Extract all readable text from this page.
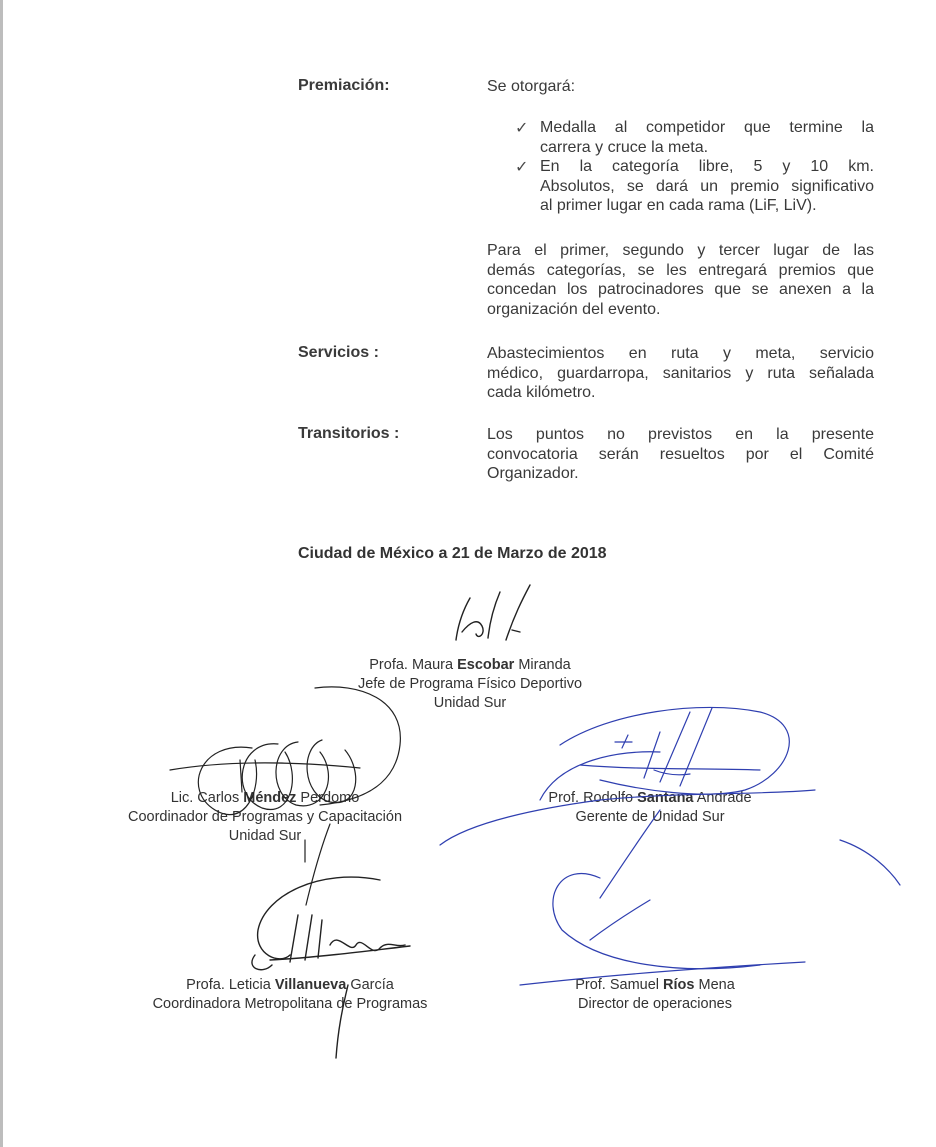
Premiación:	Se otorgará:
✓ Medalla al competidor que termine la
carrera y cruce la meta.
✓ En la categoría libre, 5 y 10 km.
Absolutos, se dará un premio significativo
al primer lugar en cada rama (LiF, LiV).
Para el primer, segundo y tercer lugar de las
demás categorías, se les entregará premios que
concedan los patrocinadores que se anexen a la
organización del evento.
Servicios :	Abastecimientos en ruta y meta, servicio
médico, guardarropa, sanitarios y ruta señalada
cada kilómetro.
Transitorios :	Los puntos no previstos en la presente
convocatoria serán resueltos por el Comité
Organizador.
Ciudad de México a 21 de Marzo de 2018
Profa. Maura Escobar Miranda
Jefe de Programa Físico Deportivo
Unidad Sur
Lic. Carlos Méndez Perdomo
Coordinador de Programas y Capacitación
Unidad Sur
Prof. Rodolfo Santana Andrade
Gerente de Unidad Sur
Profa. Leticia Villanueva García
Coordinadora Metropolitana de Programas
Prof. Samuel Ríos Mena
Director de operaciones
